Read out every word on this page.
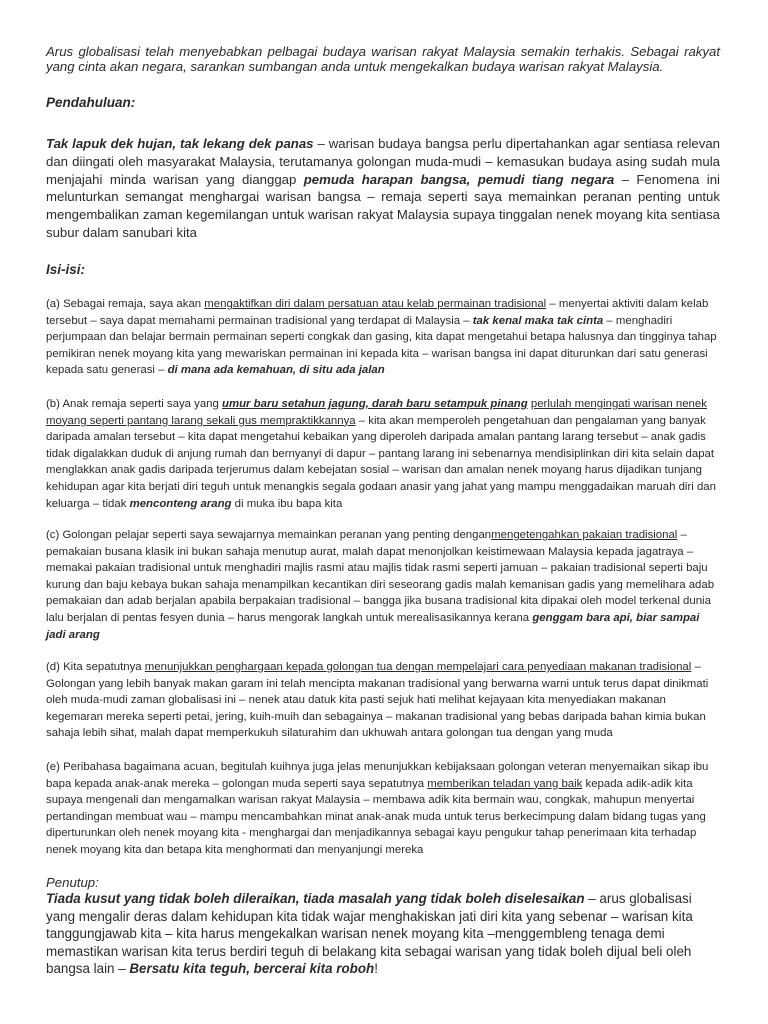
Arus globalisasi telah menyebabkan pelbagai budaya warisan rakyat Malaysia semakin terhakis. Sebagai rakyat yang cinta akan negara, sarankan sumbangan anda untuk mengekalkan budaya warisan rakyat Malaysia.
Pendahuluan:
Tak lapuk dek hujan, tak lekang dek panas – warisan budaya bangsa perlu dipertahankan agar sentiasa relevan dan diingati oleh masyarakat Malaysia, terutamanya golongan muda-mudi – kemasukan budaya asing sudah mula menjajahi minda warisan yang dianggap pemuda harapan bangsa, pemudi tiang negara – Fenomena ini melunturkan semangat menghargai warisan bangsa – remaja seperti saya memainkan peranan penting untuk mengembalikan zaman kegemilangan untuk warisan rakyat Malaysia supaya tinggalan nenek moyang kita sentiasa subur dalam sanubari kita
Isi-isi:
(a) Sebagai remaja, saya akan mengaktifkan diri dalam persatuan atau kelab permainan tradisional – menyertai aktiviti dalam kelab tersebut – saya dapat memahami permainan tradisional yang terdapat di Malaysia – tak kenal maka tak cinta – menghadiri perjumpaan dan belajar bermain permainan seperti congkak dan gasing, kita dapat mengetahui betapa halusnya dan tingginya tahap pemikiran nenek moyang kita yang mewariskan permainan ini kepada kita – warisan bangsa ini dapat diturunkan dari satu generasi kepada satu generasi – di mana ada kemahuan, di situ ada jalan
(b) Anak remaja seperti saya yang umur baru setahun jagung, darah baru setampuk pinang perlulah mengingati warisan nenek moyang seperti pantang larang sekali gus mempraktikkannya – kita akan memperoleh pengetahuan dan pengalaman yang banyak daripada amalan tersebut – kita dapat mengetahui kebaikan yang diperoleh daripada amalan pantang larang tersebut – anak gadis tidak digalakkan duduk di anjung rumah dan bernyanyi di dapur – pantang larang ini sebenarnya mendisiplinkan diri kita selain dapat menglakkan anak gadis daripada terjerumus dalam kebejatan sosial – warisan dan amalan nenek moyang harus dijadikan tunjang kehidupan agar kita berjati diri teguh untuk menangkis segala godaan anasir yang jahat yang mampu menggadaikan maruah diri dan keluarga – tidak menconteng arang di muka ibu bapa kita
(c) Golongan pelajar seperti saya sewajarnya memainkan peranan yang penting denganmengetengahkan pakaian tradisional – pemakaian busana klasik ini bukan sahaja menutup aurat, malah dapat menonjolkan keistimewaan Malaysia kepada jagatraya – memakai pakaian tradisional untuk menghadiri majlis rasmi atau majlis tidak rasmi seperti jamuan – pakaian tradisional seperti baju kurung dan baju kebaya bukan sahaja menampilkan kecantikan diri seseorang gadis malah kemanisan gadis yang memelihara adab pemakaian dan adab berjalan apabila berpakaian tradisional – bangga jika busana tradisional kita dipakai oleh model terkenal dunia lalu berjalan di pentas fesyen dunia – harus mengorak langkah untuk merealisasikannya kerana genggam bara api, biar sampai jadi arang
(d) Kita sepatutnya menunjukkan penghargaan kepada golongan tua dengan mempelajari cara penyediaan makanan tradisional – Golongan yang lebih banyak makan garam ini telah mencipta makanan tradisional yang berwarna warni untuk terus dapat dinikmati oleh muda-mudi zaman globalisasi ini – nenek atau datuk kita pasti sejuk hati melihat kejayaan kita menyediakan makanan kegemaran mereka seperti petai, jering, kuih-muih dan sebagainya – makanan tradisional yang bebas daripada bahan kimia bukan sahaja lebih sihat, malah dapat memperkukuh silaturahim dan ukhuwah antara golongan tua dengan yang muda
(e) Peribahasa bagaimana acuan, begitulah kuihnya juga jelas menunjukkan kebijaksaan golongan veteran menyemaikan sikap ibu bapa kepada anak-anak mereka – golongan muda seperti saya sepatutnya memberikan teladan yang baik kepada adik-adik kita supaya mengenali dan mengamalkan warisan rakyat Malaysia – membawa adik kita bermain wau, congkak, mahupun menyertai pertandingan membuat wau – mampu mencambahkan minat anak-anak muda untuk terus berkecimpung dalam bidang tugas yang diperturunkan oleh nenek moyang kita - menghargai dan menjadikannya sebagai kayu pengukur tahap penerimaan kita terhadap nenek moyang kita dan betapa kita menghormati dan menyanjungi mereka
Penutup:
Tiada kusut yang tidak boleh dileraikan, tiada masalah yang tidak boleh diselesaikan – arus globalisasi yang mengalir deras dalam kehidupan kita tidak wajar menghakiskan jati diri kita yang sebenar – warisan kita tanggungjawab kita – kita harus mengekalkan warisan nenek moyang kita –menggembleng tenaga demi memastikan warisan kita terus berdiri teguh di belakang kita sebagai warisan yang tidak boleh dijual beli oleh bangsa lain – Bersatu kita teguh, bercerai kita roboh!
